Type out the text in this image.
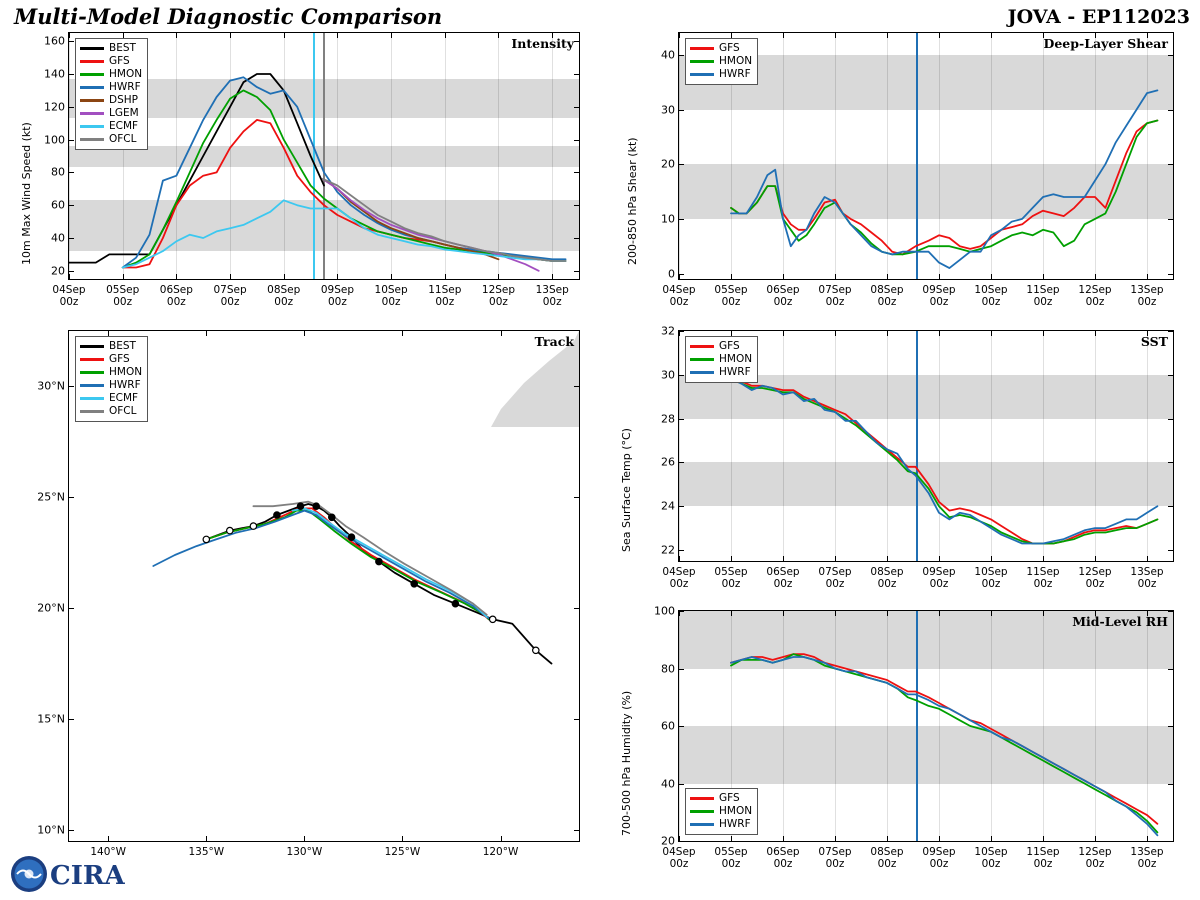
Multi-Model Diagnostic Comparison	JOVA - EP112023
Intensity
04Sep
00z
05Sep
00z
06Sep
00z
07Sep
00z
08Sep
00z
09Sep
00z
10Sep
00z
11Sep
00z
12Sep
00z
13Sep
00z
20
40
60
80
100
120
140
160
BEST
GFS
HMON
HWRF
DSHP
LGEM
ECMF
OFCL
10m Max Wind Speed (kt)
Track
140°W	135°W	130°W	125°W	120°W
10°N
15°N
20°N
25°N
30°N
BEST
GFS
HMON
HWRF
ECMF
OFCL
Deep-Layer Shear
04Sep
00z
05Sep
00z
06Sep
00z
07Sep
00z
08Sep
00z
09Sep
00z
10Sep
00z
11Sep
00z
12Sep
00z
13Sep
00z
0
10
20
30
40	GFS
HMON
HWRF
200-850 hPa Shear (kt)
SST
04Sep
00z
05Sep
00z
06Sep
00z
07Sep
00z
08Sep
00z
09Sep
00z
10Sep
00z
11Sep
00z
12Sep
00z
13Sep
00z
22
24
26
28
30
32
GFS
HMON
HWRF
Sea Surface Temp (°C)
Mid-Level RH
04Sep
00z
05Sep
00z
06Sep
00z
07Sep
00z
08Sep
00z
09Sep
00z
10Sep
00z
11Sep
00z
12Sep
00z
13Sep
00z
20
40
60
80
100
GFS
HMON
HWRF
700-500 hPa Humidity (%)
CIRA
